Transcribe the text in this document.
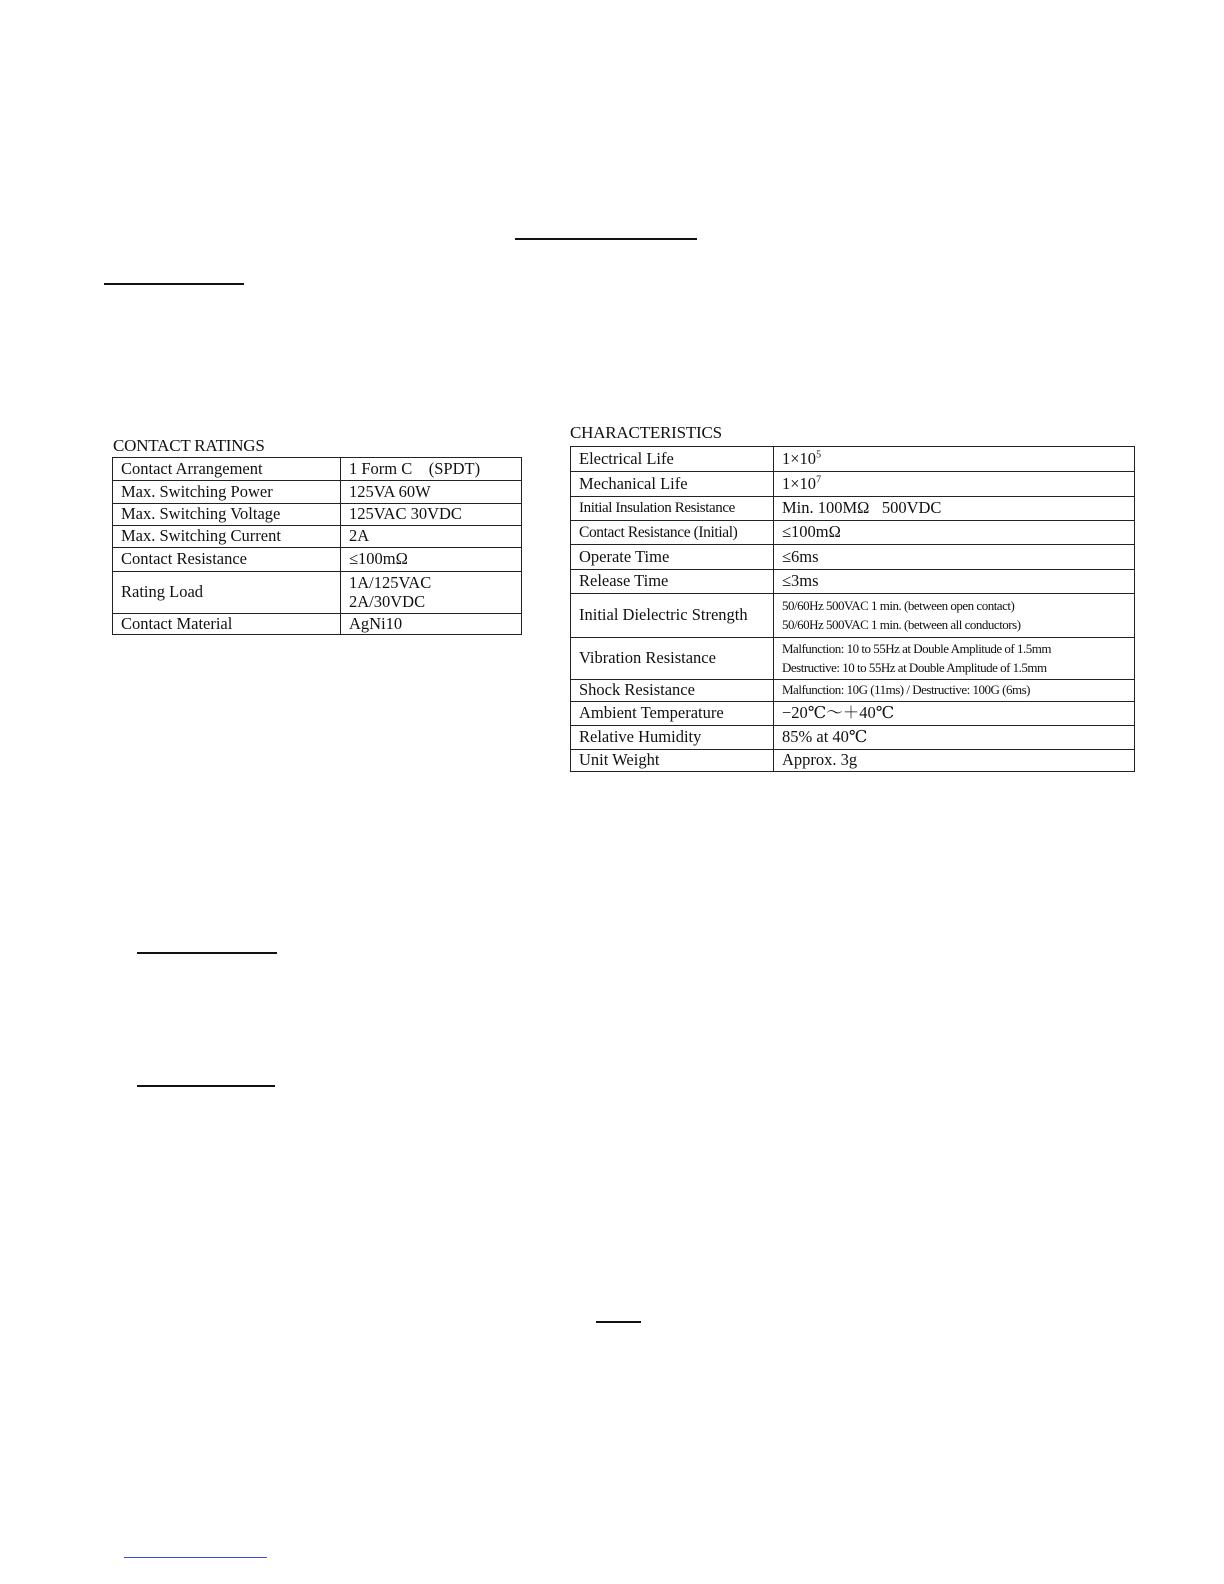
CONTACT RATINGS
Contact Arrangement	1 Form C    (SPDT)
Max. Switching Power	125VA 60W
Max. Switching Voltage	125VAC 30VDC
Max. Switching Current	2A
Contact Resistance	≤100mΩ
Rating Load	1A/125VAC
2A/30VDC

Contact Material	AgNi10
CHARACTERISTICS
Electrical Life	$1\times 10^5$
Mechanical Life	$1\times 10^7$
Initial Insulation Resistance	Min. 100MΩ   500VDC
Contact Resistance (Initial)	≤100mΩ
Operate Time	≤6ms
Release Time	≤3ms
Initial Dielectric Strength	50/60Hz 500VAC 1 min. (between open contact)
50/60Hz 500VAC 1 min. (between all conductors)

Vibration Resistance	Malfunction: 10 to 55Hz at Double Amplitude of 1.5mm
Destructive: 10 to 55Hz at Double Amplitude of 1.5mm

Shock Resistance	Malfunction: 10G (11ms) / Destructive: 100G (6ms)
Ambient Temperature	−20℃～＋40℃
Relative Humidity	85% at 40℃
Unit Weight	Approx. 3g
